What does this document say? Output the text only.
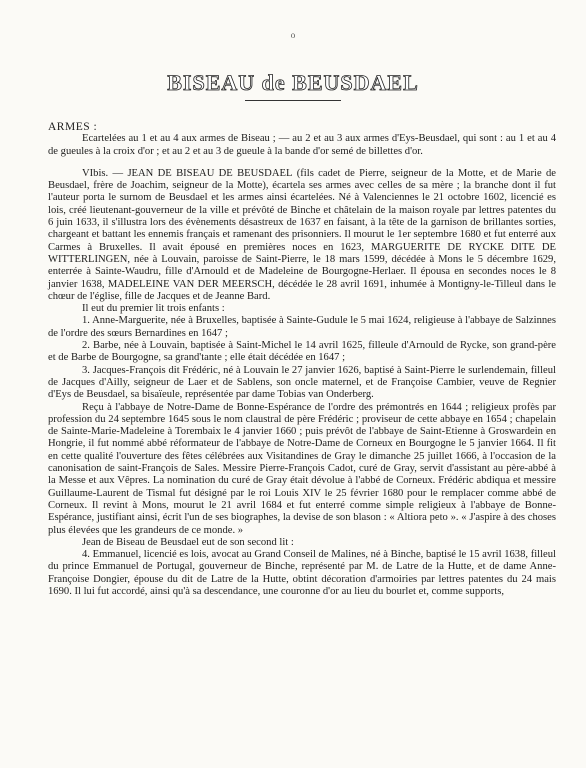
o
BISEAU de BEUSDAEL

ARMES :

Ecartelées au 1 et au 4 aux armes de Biseau ; — au 2 et au 3 aux armes d'Eys-Beusdael, qui sont : au 1 et au 4 de gueules à la croix d'or ; et au 2 et au 3 de gueule à la bande d'or semé de billettes d'or.

VIbis. — JEAN DE BISEAU DE BEUSDAEL (fils cadet de Pierre, seigneur de la Motte, et de Marie de Beusdael, frère de Joachim, seigneur de la Motte), écartela ses armes avec celles de sa mère ; la branche dont il fut l'auteur porta le surnom de Beusdael et les armes ainsi écartelées. Né à Valenciennes le 21 octobre 1602, licencié es lois, créé lieutenant-gouverneur de la ville et prévôté de Binche et châtelain de la maison royale par lettres patentes du 6 juin 1633, il s'illustra lors des évènements désastreux de 1637 en faisant, à la tête de la garnison de brillantes sorties, chargeant et battant les ennemis français et ramenant des prisonniers. Il mourut le 1er septembre 1680 et fut enterré aux Carmes à Bruxelles. Il avait épousé en premières noces en 1623, MARGUERITE DE RYCKE DITE DE WITTERLINGEN, née à Louvain, paroisse de Saint-Pierre, le 18 mars 1599, décédée à Mons le 5 décembre 1629, enterrée à Sainte-Waudru, fille d'Arnould et de Madeleine de Bourgogne-Herlaer. Il épousa en secondes noces le 8 janvier 1638, MADELEINE VAN DER MEERSCH, décédée le 28 avril 1691, inhumée à Montigny-le-Tilleul dans le chœur de l'église, fille de Jacques et de Jeanne Bard.

Il eut du premier lit trois enfants :

1. Anne-Marguerite, née à Bruxelles, baptisée à Sainte-Gudule le 5 mai 1624, religieuse à l'abbaye de Salzinnes de l'ordre des sœurs Bernardines en 1647 ;

2. Barbe, née à Louvain, baptisée à Saint-Michel le 14 avril 1625, filleule d'Arnould de Rycke, son grand-père et de Barbe de Bourgogne, sa grand'tante ; elle était décédée en 1647 ;

3. Jacques-François dit Frédéric, né à Louvain le 27 janvier 1626, baptisé à Saint-Pierre le surlendemain, filleul de Jacques d'Ailly, seigneur de Laer et de Sablens, son oncle maternel, et de Françoise Cambier, veuve de Regnier d'Eys de Beusdael, sa bisaïeule, représentée par dame Tobias van Onderberg.

Reçu à l'abbaye de Notre-Dame de Bonne-Espérance de l'ordre des prémontrés en 1644 ; religieux profès par profession du 24 septembre 1645 sous le nom claustral de père Frédéric ; proviseur de cette abbaye en 1654 ; chapelain de Sainte-Marie-Madeleine à Torembaix le 4 janvier 1660 ; puis prévôt de l'abbaye de Saint-Etienne à Groswardein en Hongrie, il fut nommé abbé réformateur de l'abbaye de Notre-Dame de Corneux en Bourgogne le 5 janvier 1664. Il fit en cette qualité l'ouverture des fêtes célébrées aux Visitandines de Gray le dimanche 25 juillet 1666, à l'occasion de la canonisation de saint-François de Sales. Messire Pierre-François Cadot, curé de Gray, servit d'assistant au père-abbé à la Messe et aux Vêpres. La nomination du curé de Gray était dévolue à l'abbé de Corneux. Frédéric abdiqua et messire Guillaume-Laurent de Tismal fut désigné par le roi Louis XIV le 25 février 1680 pour le remplacer comme abbé de Corneux. Il revint à Mons, mourut le 21 avril 1684 et fut enterré comme simple religieux à l'abbaye de Bonne-Espérance, justifiant ainsi, écrit l'un de ses biographes, la devise de son blason : « Altiora peto ». « J'aspire à des choses plus élevées que les grandeurs de ce monde. »

Jean de Biseau de Beusdael eut de son second lit :

4. Emmanuel, licencié es lois, avocat au Grand Conseil de Malines, né à Binche, baptisé le 15 avril 1638, filleul du prince Emmanuel de Portugal, gouverneur de Binche, représenté par M. de Latre de la Hutte, et de dame Anne-Françoise Dongier, épouse du dit de Latre de la Hutte, obtint décoration d'armoiries par lettres patentes du 24 mais 1690. Il lui fut accordé, ainsi qu'à sa descendance, une couronne d'or au lieu du bourlet et, comme supports,
